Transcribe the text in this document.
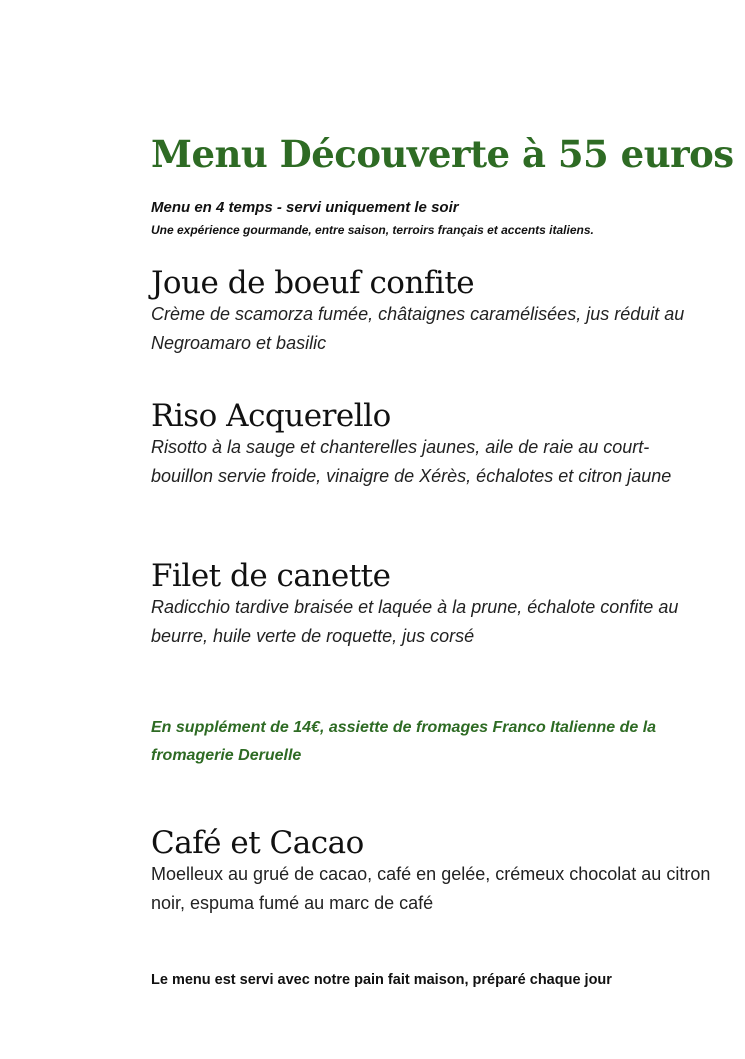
Menu Découverte à 55 euros

Menu en 4 temps - servi uniquement le soir

Une expérience gourmande, entre saison, terroirs français et accents italiens.

Joue de boeuf confite

Crème de scamorza fumée, châtaignes caramélisées, jus réduit au Negroamaro et basilic

Riso Acquerello

Risotto à la sauge et chanterelles jaunes, aile de raie au court-bouillon servie froide, vinaigre de Xérès, échalotes et citron jaune

Filet de canette

Radicchio tardive braisée et laquée à la prune, échalote confite au beurre, huile verte de roquette, jus corsé

En supplément de 14€, assiette de fromages Franco Italienne de la fromagerie Deruelle

Café et Cacao

Moelleux au grué de cacao, café en gelée, crémeux chocolat au citron noir, espuma fumé au marc de café

Le menu est servi avec notre pain fait maison, préparé chaque jour
